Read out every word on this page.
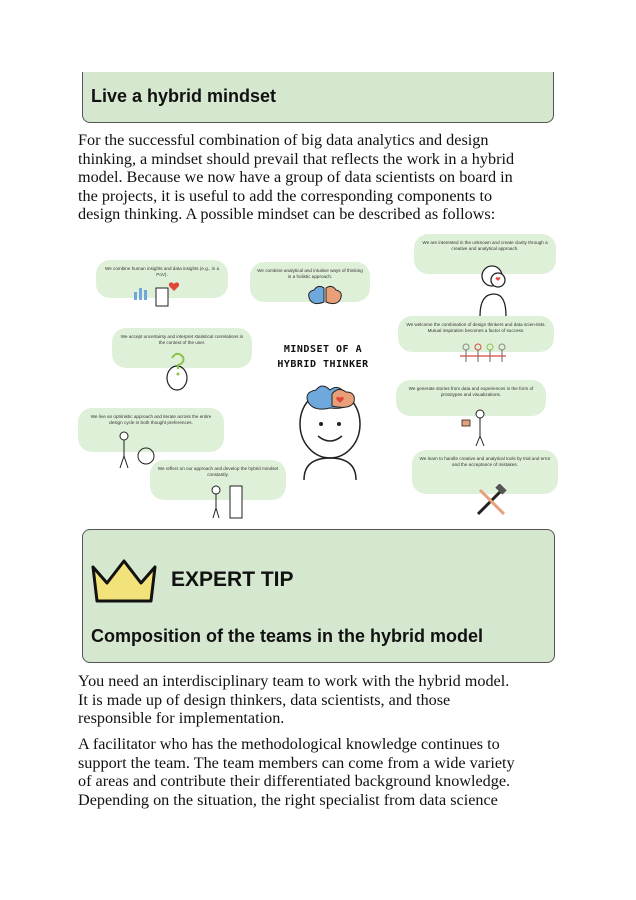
Live a hybrid mindset

For the successful combination of big data analytics and design
thinking, a mindset should prevail that reflects the work in a hybrid
model. Because we now have a group of data scientists on board in
the projects, it is useful to add the corresponding components to
design thinking. A possible mindset can be described as follows:

We combine human insights and data insights (e.g., in a PoV).
We combine analytical and intuitive ways of thinking in a holistic approach.
We are interested in the unknown and create clarity through a creative and analytical approach.
We accept uncertainty and interpret statistical correlations in the context of the user.
We welcome the combination of design thinkers and data scien-tists. Mutual inspiration becomes a factor of success.
We generate stories from data and experiences in the form of prototypes and visualizations.
We live an optimistic approach and iterate across the entire design cycle in both thought preferences.
We reflect on our approach and develop the hybrid mindset constantly.
We learn to handle creative and analytical tools by trial and error and the acceptance of mistakes.
MINDSET OF A
HYBRID THINKER

EXPERT TIP

Composition of the teams in the hybrid model

You need an interdisciplinary team to work with the hybrid model.
It is made up of design thinkers, data scientists, and those
responsible for implementation.

A facilitator who has the methodological knowledge continues to
support the team. The team members can come from a wide variety
of areas and contribute their differentiated background knowledge.
Depending on the situation, the right specialist from data science
